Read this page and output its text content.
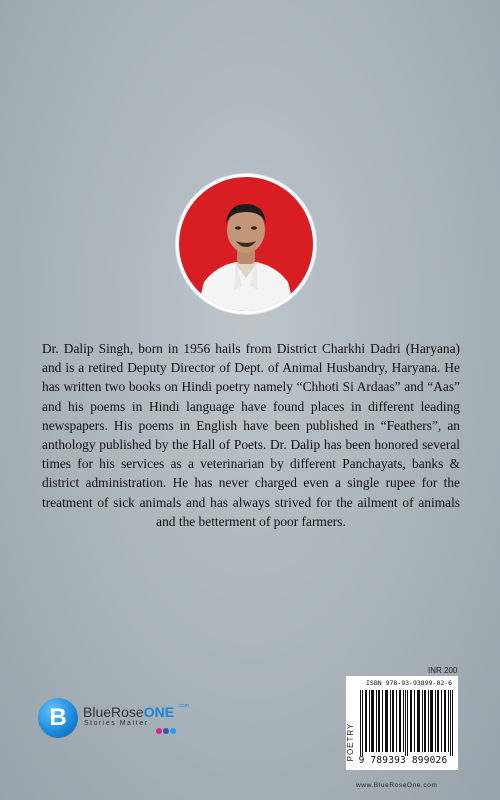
Dr. Dalip Singh, born in 1956 hails from District Charkhi Dadri (Haryana) and is a retired Deputy Director of Dept. of Animal Husbandry, Haryana. He has written two books on Hindi poetry namely “Chhoti Si Ardaas” and “Aas” and his poems in Hindi language have found places in different leading newspapers. His poems in English have been published in “Feathers”, an anthology published by the Hall of Poets. Dr. Dalip has been honored several times for his services as a veterinarian by different Panchayats, banks & district administration. He has never charged even a single rupee for the treatment of sick animals and has always strived for the ailment of animals and the betterment of poor farmers.
B	BlueRoseONE .com
Stories Matter
INR 200
POETRY
ISBN 978-93-93899-02-6
9 789393 899026
www.BlueRoseOne.com
